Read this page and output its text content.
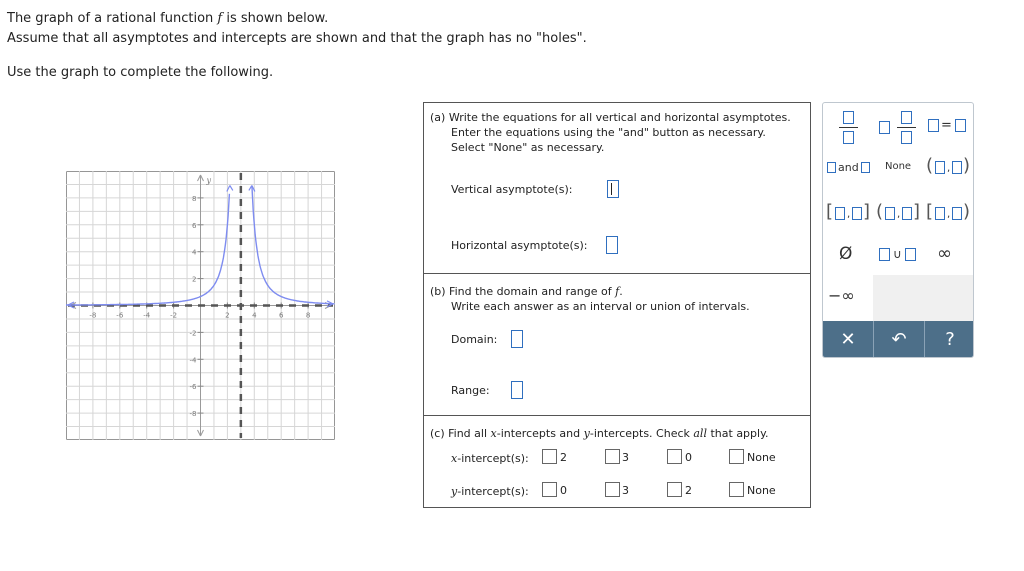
The graph of a rational function f is shown below.
Assume that all asymptotes and intercepts are shown and that the graph has no "holes".
Use the graph to complete the following.
y
-8	-6	-4	-2	2	4	6	8
8
6
4
2
-2
-4
-6
-8
(a) Write the equations for all vertical and horizontal asymptotes.
Enter the equations using the "and" button as necessary.
Select "None" as necessary.
Vertical asymptote(s):
Horizontal asymptote(s):
(b) Find the domain and range of f.
Write each answer as an interval or union of intervals.
Domain:
Range:
(c) Find all x-intercepts and y-intercepts. Check all that apply.
x-intercept(s):	2	3	0	None
y-intercept(s):	0	3	2	None
=
and	None ( , )
[ , ] ( , ] [ , )
Ø	∪ ∞
−∞
✕	↶	?
